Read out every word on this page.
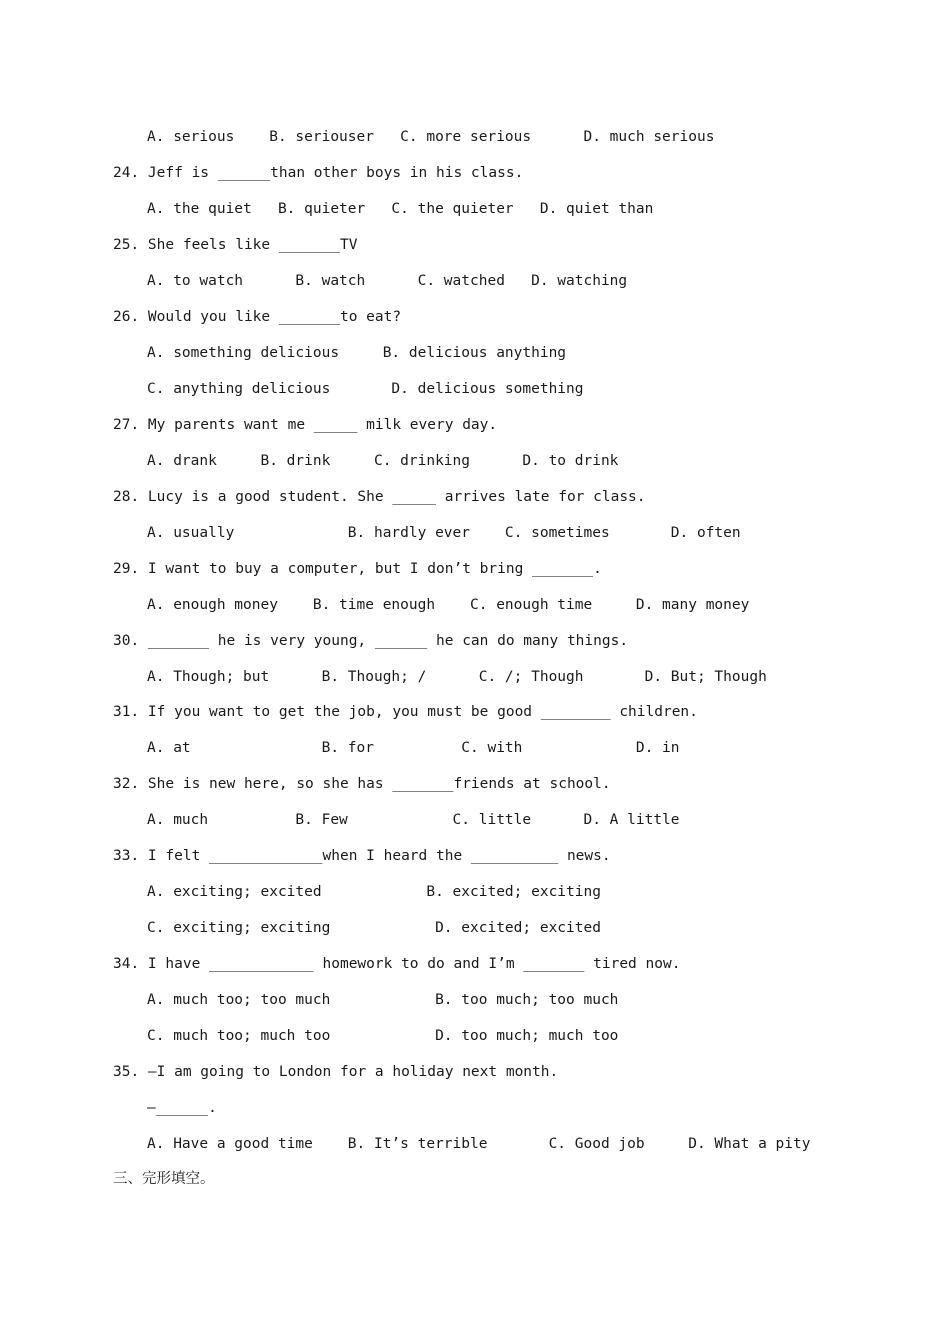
A. serious    B. seriouser   C. more serious      D. much serious
24. Jeff is ______than other boys in his class.
A. the quiet   B. quieter   C. the quieter   D. quiet than
25. She feels like _______TV
A. to watch      B. watch      C. watched   D. watching
26. Would you like _______to eat?
A. something delicious     B. delicious anything
C. anything delicious       D. delicious something
27. My parents want me _____ milk every day.
A. drank     B. drink     C. drinking      D. to drink
28. Lucy is a good student. She _____ arrives late for class.
A. usually             B. hardly ever    C. sometimes       D. often
29. I want to buy a computer, but I don’t bring _______.
A. enough money    B. time enough    C. enough time     D. many money
30. _______ he is very young, ______ he can do many things.
A. Though; but      B. Though; /      C. /; Though       D. But; Though
31. If you want to get the job, you must be good ________ children.
A. at               B. for          C. with             D. in
32. She is new here, so she has _______friends at school.
A. much          B. Few            C. little      D. A little
33. I felt _____________when I heard the __________ news.
A. exciting; excited            B. excited; exciting
C. exciting; exciting            D. excited; excited
34. I have ____________ homework to do and I’m _______ tired now.
A. much too; too much            B. too much; too much
C. much too; much too            D. too much; much too
35. —I am going to London for a holiday next month.
—______.
A. Have a good time    B. It’s terrible       C. Good job     D. What a pity
三、完形填空。
